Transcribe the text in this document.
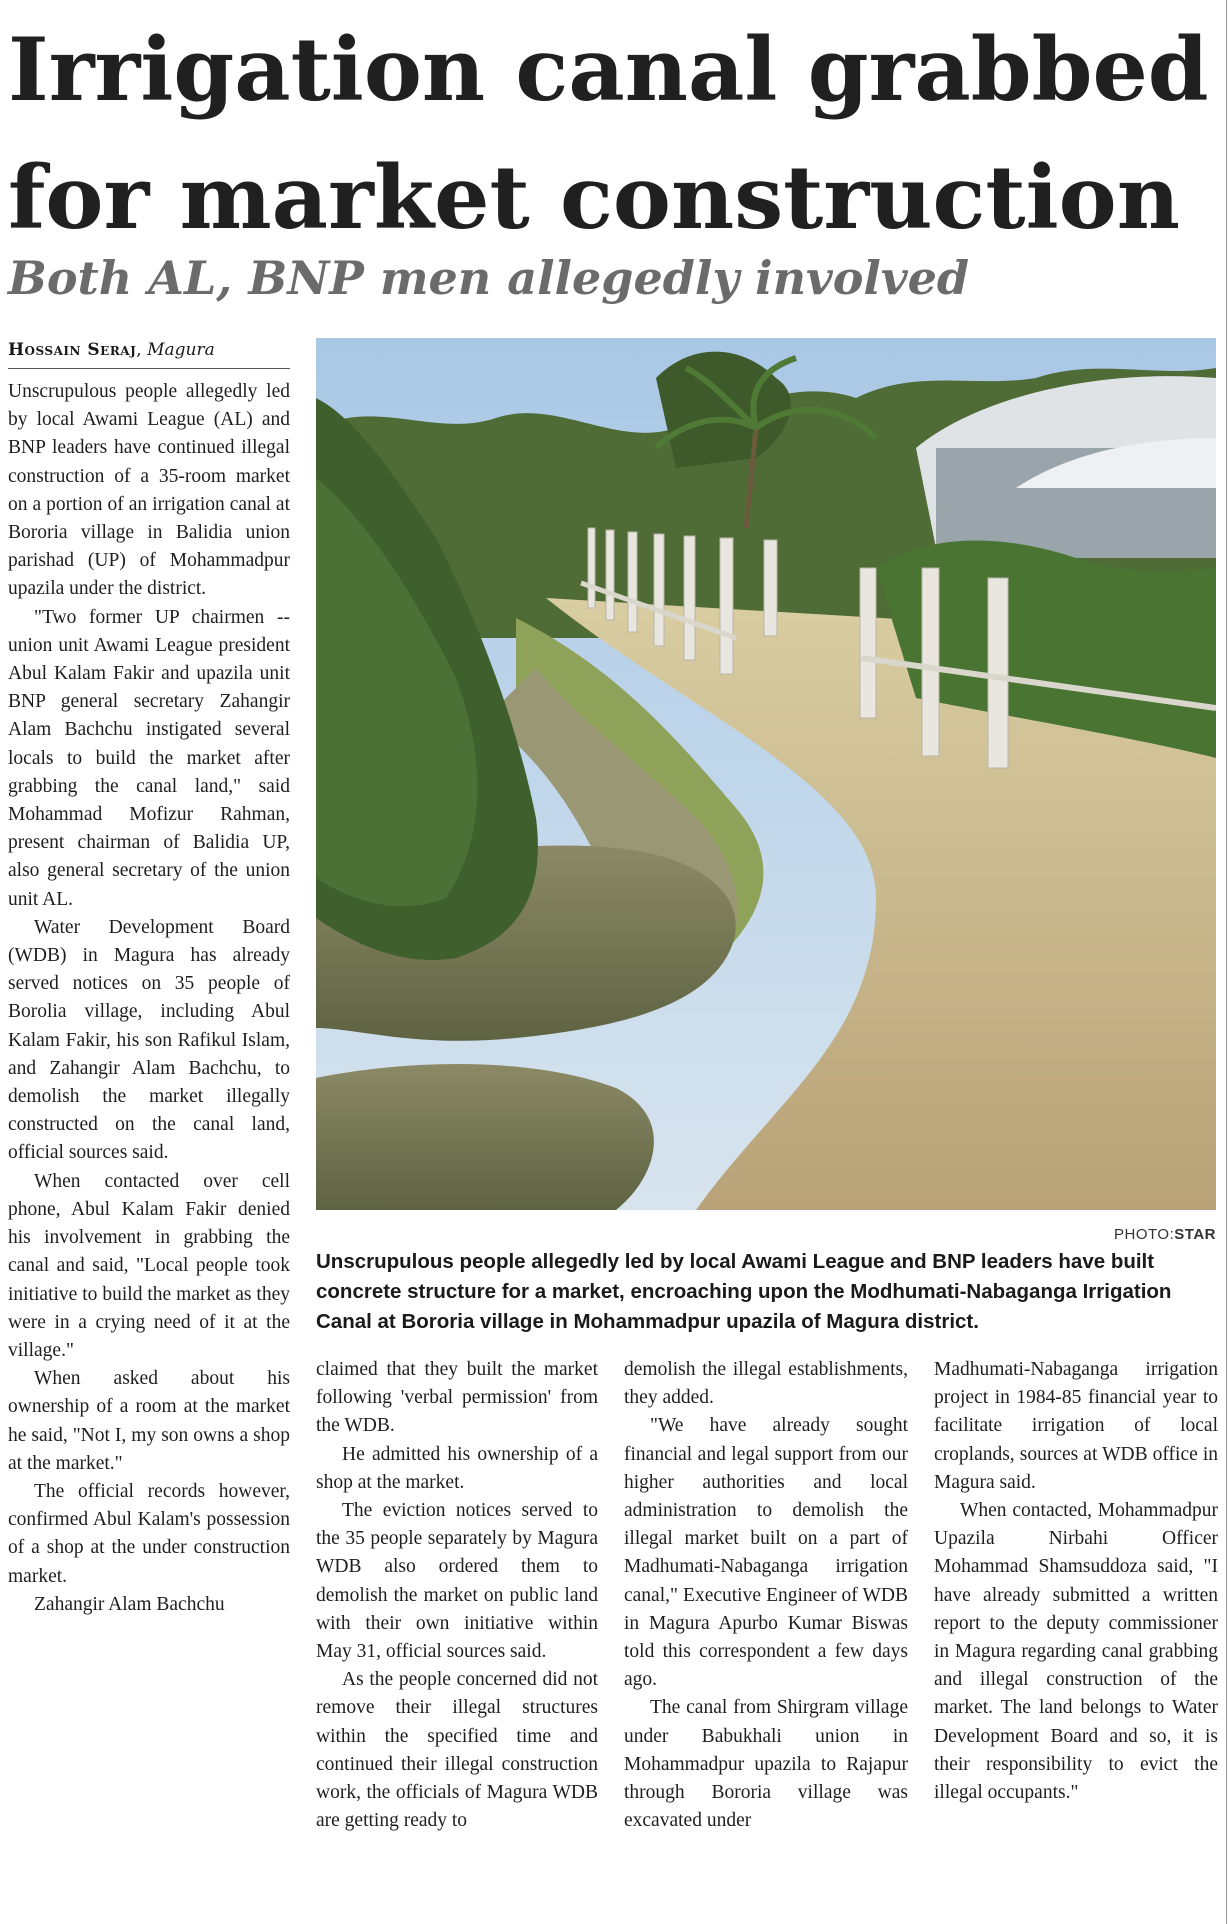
Irrigation canal grabbed
for market construction
Both AL, BNP men allegedly involved
Hossain Seraj, Magura

Unscrupulous people allegedly led by local Awami League (AL) and BNP leaders have continued illegal construction of a 35-room market on a portion of an irrigation canal at Bororia village in Balidia union parishad (UP) of Mohammadpur upazila under the district.

"Two former UP chairmen -- union unit Awami League president Abul Kalam Fakir and upazila unit BNP general secretary Zahangir Alam Bachchu instigated several locals to build the market after grabbing the canal land," said Mohammad Mofizur Rahman, present chairman of Balidia UP, also general secretary of the union unit AL.

Water Development Board (WDB) in Magura has already served notices on 35 people of Borolia village, including Abul Kalam Fakir, his son Rafikul Islam, and Zahangir Alam Bachchu, to demolish the market illegally constructed on the canal land, official sources said.

When contacted over cell phone, Abul Kalam Fakir denied his involvement in grabbing the canal and said, "Local people took initiative to build the market as they were in a crying need of it at the village."

When asked about his ownership of a room at the market he said, "Not I, my son owns a shop at the market."

The official records however, confirmed Abul Kalam's possession of a shop at the under construction market.

Zahangir Alam Bachchu

PHOTO:STAR

Unscrupulous people allegedly led by local Awami League and BNP leaders have built concrete structure for a market, encroaching upon the Modhumati-Nabaganga Irrigation Canal at Bororia village in Mohammadpur upazila of Magura district.

claimed that they built the market following 'verbal permission' from the WDB.

He admitted his ownership of a shop at the market.

The eviction notices served to the 35 people separately by Magura WDB also ordered them to demolish the market on public land with their own initiative within May 31, official sources said.

As the people concerned did not remove their illegal structures within the specified time and continued their illegal construction work, the officials of Magura WDB are getting ready to

demolish the illegal establishments, they added.

"We have already sought financial and legal support from our higher authorities and local administration to demolish the illegal market built on a part of Madhumati-Nabaganga irrigation canal," Executive Engineer of WDB in Magura Apurbo Kumar Biswas told this correspondent a few days ago.

The canal from Shirgram village under Babukhali union in Mohammadpur upazila to Rajapur through Bororia village was excavated under

Madhumati-Nabaganga irrigation project in 1984-85 financial year to facilitate irrigation of local croplands, sources at WDB office in Magura said.

When contacted, Mohammadpur Upazila Nirbahi Officer Mohammad Shamsuddoza said, "I have already submitted a written report to the deputy commissioner in Magura regarding canal grabbing and illegal construction of the market. The land belongs to Water Development Board and so, it is their responsibility to evict the illegal occupants."
